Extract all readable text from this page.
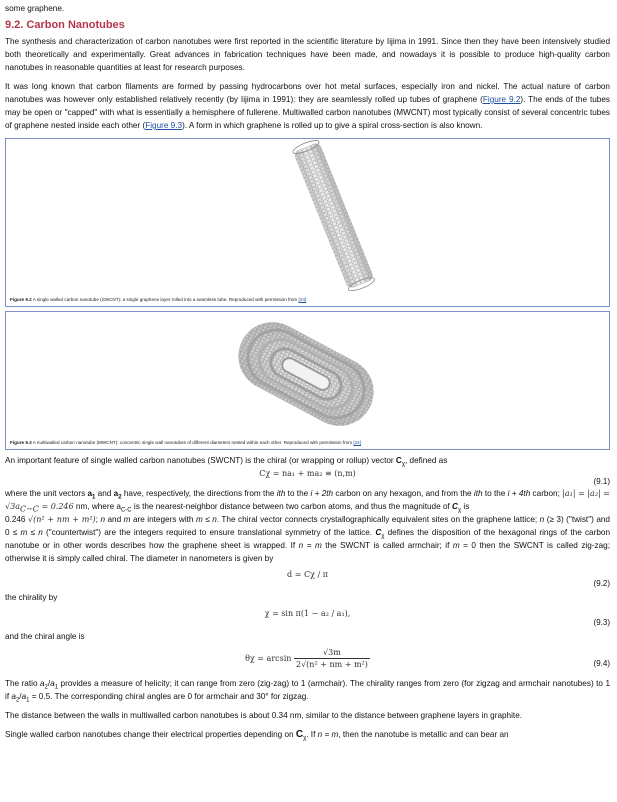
some graphene.

9.2. Carbon Nanotubes

The synthesis and characterization of carbon nanotubes were first reported in the scientific literature by Iijima in 1991. Since then they have been intensively studied both theoretically and experimentally. Great advances in fabrication techniques have been made, and nowadays it is possible to produce high-quality carbon nanotubes in reasonable quantities at least for research purposes.

It was long known that carbon filaments are formed by passing hydrocarbons over hot metal surfaces, especially iron and nickel. The actual nature of carbon nanotubes was however only established relatively recently (by Iijima in 1991): they are seamlessly rolled up tubes of graphene (Figure 9.2). The ends of the tubes may be open or "capped" with what is essentially a hemisphere of fullerene. Multiwalled carbon nanotubes (MWCNT) most typically consist of several concentric tubes of graphene nested inside each other (Figure 9.3). A form in which graphene is rolled up to give a spiral cross-section is also known.

Figure 9.2 A single walled carbon nanotube (SWCNT): a single graphene layer rolled into a seamless tube. Reproduced with permission from [24]
Figure 9.3 A multiwalled carbon nanotube (MWCNT): concentric single wall nanotubes of different diameters nested within each other. Reproduced with permission from [24]

An important feature of single walled carbon nanotubes (SWCNT) is the chiral (or wrapping or rollup) vector $C_\chi$, defined as

Cχ = na₁ + ma₂ ≡ (n,m)
(9.1)

where the unit vectors $a_1$ and $a_2$ have, respectively, the directions from the ith to the i + 2th carbon on any hexagon, and from the ith to the i + 4th carbon; $|a_1| = |a_2| = √3a_{C-C} = 0.246$ nm, where $a_{C-C}$ is the nearest-neighbor distance between two carbon atoms, and thus the magnitude of $C_\chi$ is
0.246 √(n² + nm + m²); n and m are integers with m ≤ n. The chiral vector connects crystallographically equivalent sites on the graphene lattice; n (≥ 3) ("twist") and 0 ≤ m ≤ n ("countertwist") are the integers required to ensure translational symmetry of the lattice. $C_\chi$ defines the disposition of the hexagonal rings of the carbon nanotube or in other words describes how the graphene sheet is wrapped. If n = m the SWCNT is called armchair; if m = 0 then the SWCNT is called zig-zag; otherwise it is simply called chiral. The diameter in nanometers is given by

d = Cχ / π
(9.2)

the chirality by

χ = sin π(1 − a₂ / a₁),
(9.3)

and the chiral angle is

$\theta\chi = \arcsin \frac{√3m}{\text{2√(n² + nm + m²)}}$	(9.4)

The ratio $a_2/a_1$ provides a measure of helicity; it can range from zero (zig-zag) to 1 (armchair). The chirality ranges from zero (for zigzag and armchair nanotubes) to 1 if $a_2/a_1 = 0.5$. The corresponding chiral angles are 0 for armchair and 30° for zigzag.

The distance between the walls in multiwalled carbon nanotubes is about 0.34 nm, similar to the distance between graphene layers in graphite.

Single walled carbon nanotubes change their electrical properties depending on $C_\chi$. If n = m, then the nanotube is metallic and can bear an
